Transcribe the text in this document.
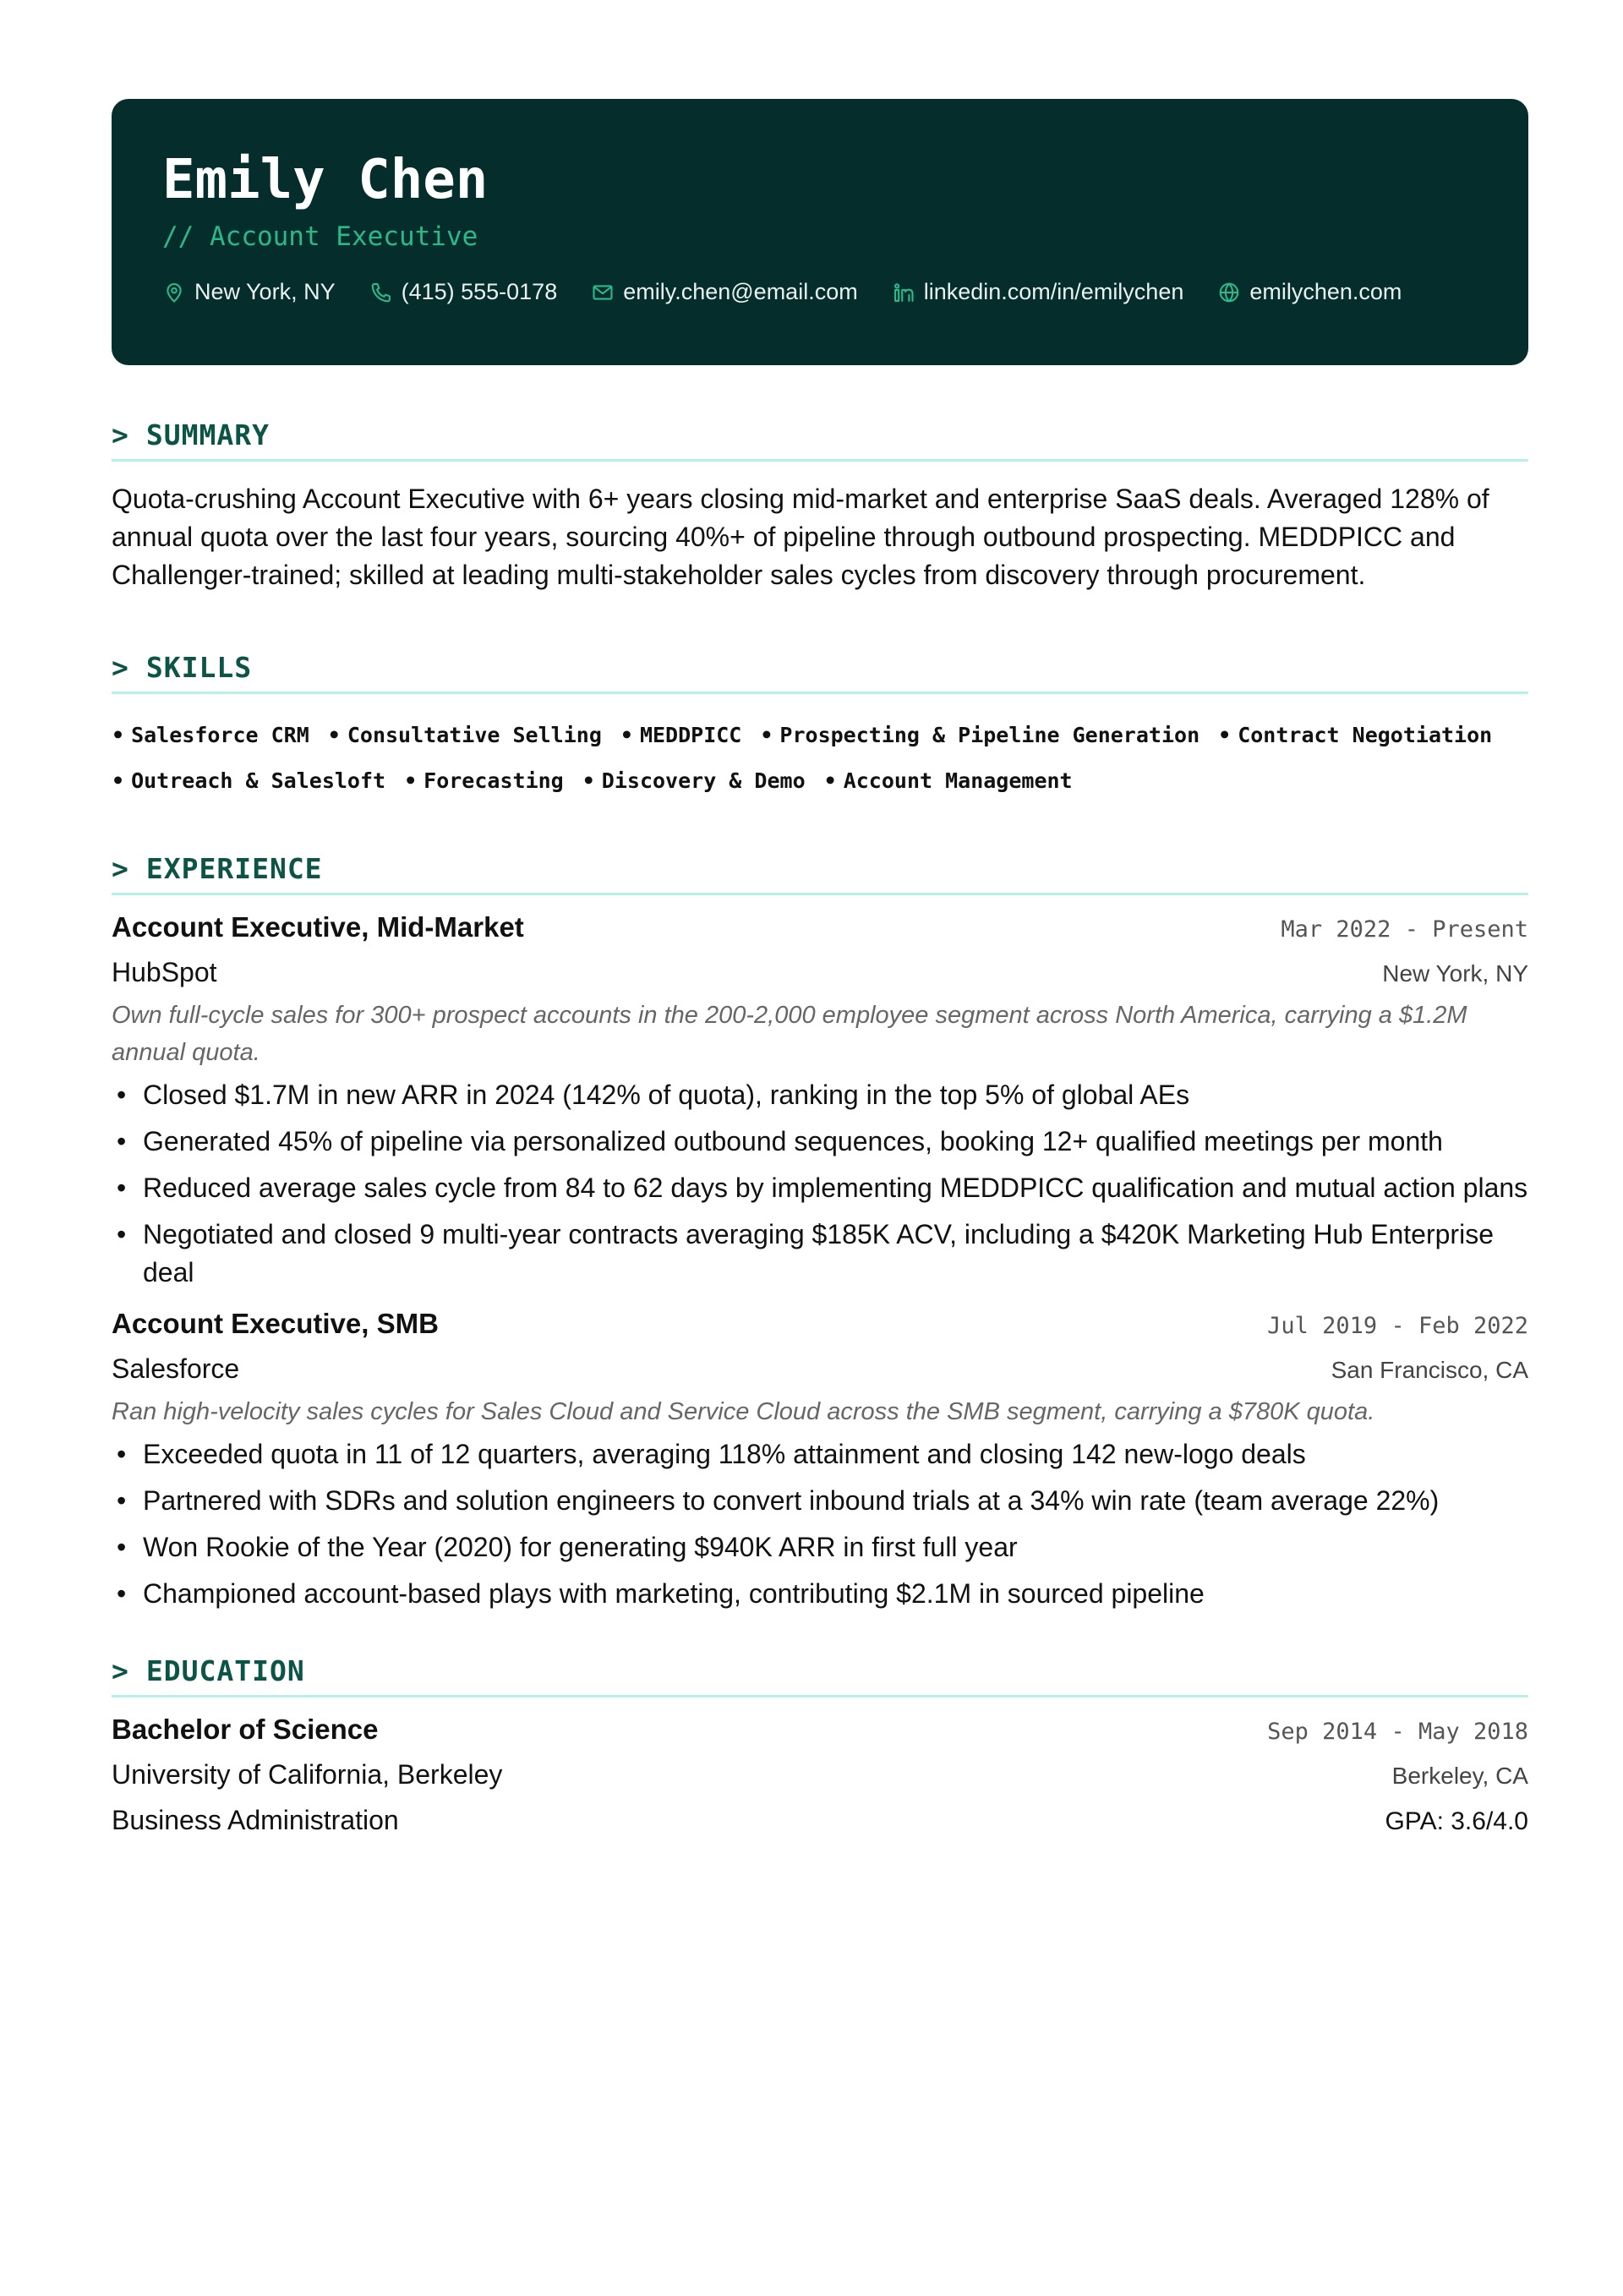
Emily Chen
// Account Executive
New York, NY	(415) 555-0178	emily.chen@email.com	linkedin.com/in/emilychen	emilychen.com
> SUMMARY
Quota-crushing Account Executive with 6+ years closing mid-market and enterprise SaaS deals. Averaged 128% of annual quota over the last four years, sourcing 40%+ of pipeline through outbound prospecting. MEDDPICC and Challenger-trained; skilled at leading multi-stakeholder sales cycles from discovery through procurement.
> SKILLS
• Salesforce CRM	• Consultative Selling	• MEDDPICC	• Prospecting & Pipeline Generation	• Contract Negotiation
• Outreach & Salesloft	• Forecasting	• Discovery & Demo	• Account Management
> EXPERIENCE
Account Executive, Mid-Market	Mar 2022 - Present
HubSpot	New York, NY
Own full-cycle sales for 300+ prospect accounts in the 200-2,000 employee segment across North America, carrying a $1.2M annual quota.
• Closed $1.7M in new ARR in 2024 (142% of quota), ranking in the top 5% of global AEs
• Generated 45% of pipeline via personalized outbound sequences, booking 12+ qualified meetings per month
• Reduced average sales cycle from 84 to 62 days by implementing MEDDPICC qualification and mutual action plans
• Negotiated and closed 9 multi-year contracts averaging $185K ACV, including a $420K Marketing Hub Enterprise deal
Account Executive, SMB	Jul 2019 - Feb 2022
Salesforce	San Francisco, CA
Ran high-velocity sales cycles for Sales Cloud and Service Cloud across the SMB segment, carrying a $780K quota.
• Exceeded quota in 11 of 12 quarters, averaging 118% attainment and closing 142 new-logo deals
• Partnered with SDRs and solution engineers to convert inbound trials at a 34% win rate (team average 22%)
• Won Rookie of the Year (2020) for generating $940K ARR in first full year
• Championed account-based plays with marketing, contributing $2.1M in sourced pipeline
> EDUCATION
Bachelor of Science	Sep 2014 - May 2018
University of California, Berkeley	Berkeley, CA
Business Administration	GPA: 3.6/4.0
